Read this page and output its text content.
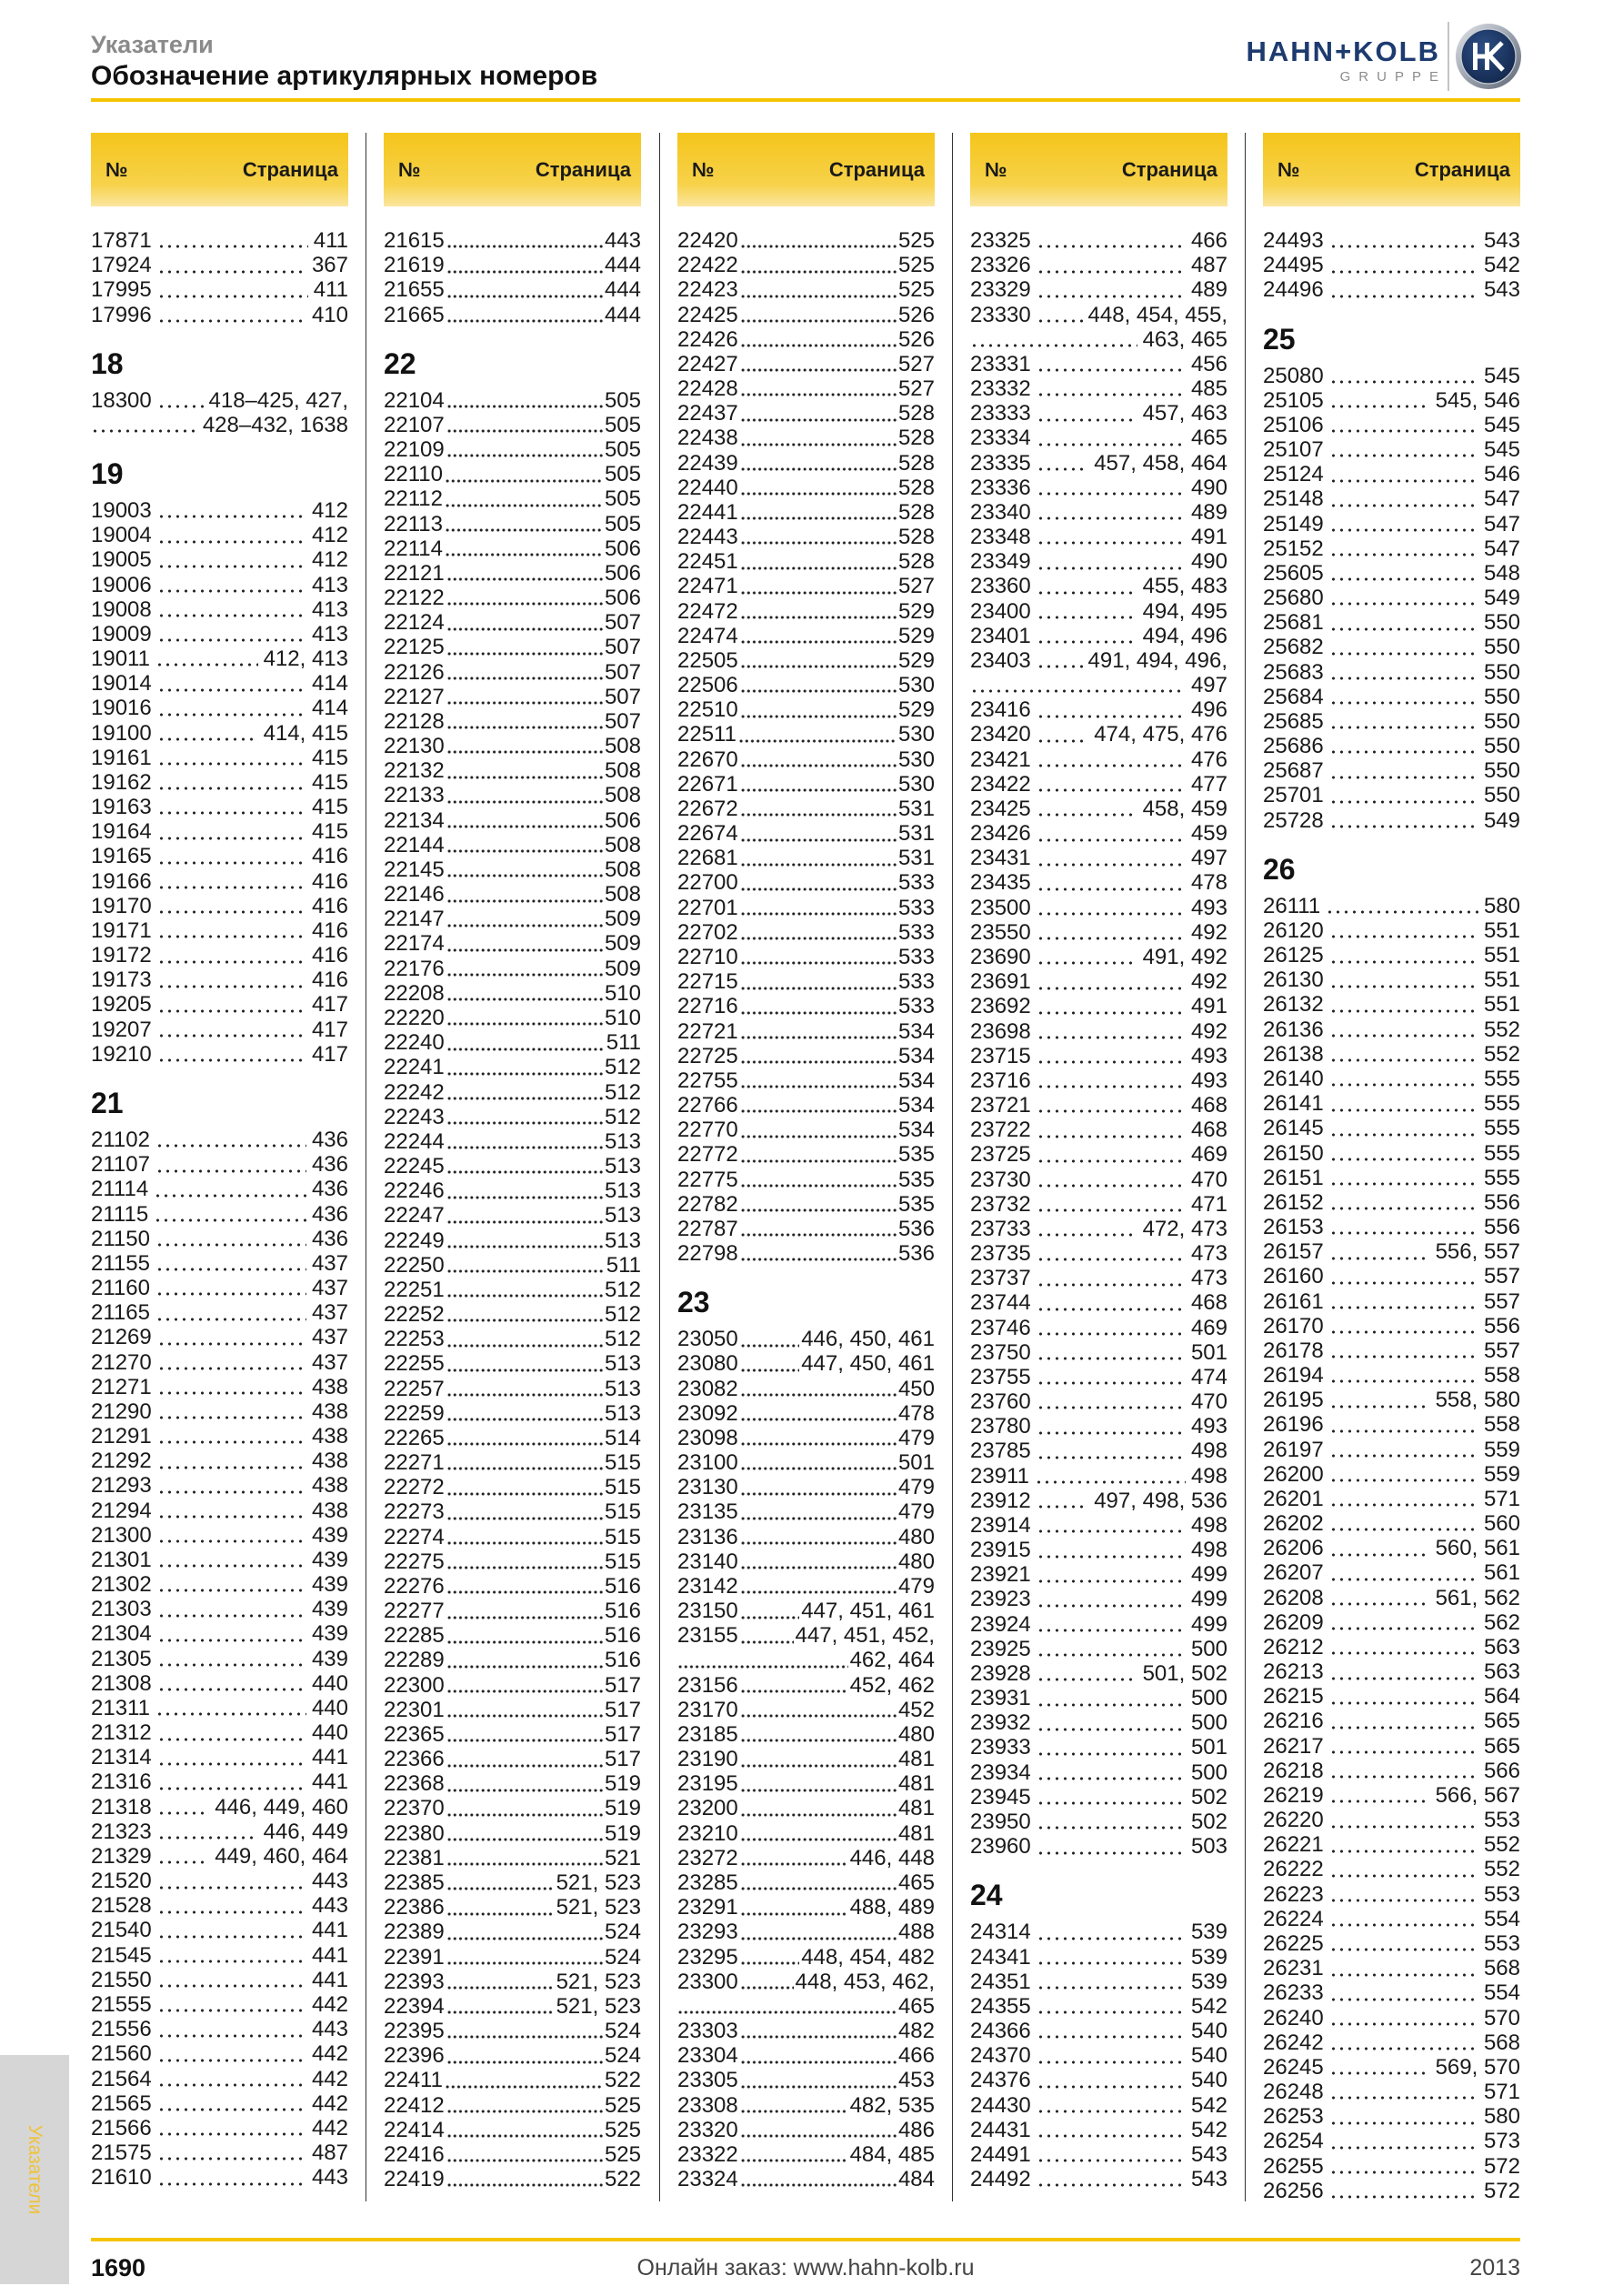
Указатели
Обозначение артикулярных номеров
HAHN+KOLB
GRUPPE
№	Страница
17871	411
17924	367
17995	411
17996	410
18
18300	418–425, 427,
428–432, 1638
19
19003	412
19004	412
19005	412
19006	413
19008	413
19009	413
19011	412, 413
19014	414
19016	414
19100	414, 415
19161	415
19162	415
19163	415
19164	415
19165	416
19166	416
19170	416
19171	416
19172	416
19173	416
19205	417
19207	417
19210	417
21
21102	436
21107	436
21114	436
21115	436
21150	436
21155	437
21160	437
21165	437
21269	437
21270	437
21271	438
21290	438
21291	438
21292	438
21293	438
21294	438
21300	439
21301	439
21302	439
21303	439
21304	439
21305	439
21308	440
21311	440
21312	440
21314	441
21316	441
21318	446, 449, 460
21323	446, 449
21329	449, 460, 464
21520	443
21528	443
21540	441
21545	441
21550	441
21555	442
21556	443
21560	442
21564	442
21565	442
21566	442
21575	487
21610	443
№	Страница
21615	443
21619	444
21655	444
21665	444
22
22104	505
22107	505
22109	505
22110	505
22112	505
22113	505
22114	506
22121	506
22122	506
22124	507
22125	507
22126	507
22127	507
22128	507
22130	508
22132	508
22133	508
22134	506
22144	508
22145	508
22146	508
22147	509
22174	509
22176	509
22208	510
22220	510
22240	511
22241	512
22242	512
22243	512
22244	513
22245	513
22246	513
22247	513
22249	513
22250	511
22251	512
22252	512
22253	512
22255	513
22257	513
22259	513
22265	514
22271	515
22272	515
22273	515
22274	515
22275	515
22276	516
22277	516
22285	516
22289	516
22300	517
22301	517
22365	517
22366	517
22368	519
22370	519
22380	519
22381	521
22385	521, 523
22386	521, 523
22389	524
22391	524
22393	521, 523
22394	521, 523
22395	524
22396	524
22411	522
22412	525
22414	525
22416	525
22419	522
№	Страница
22420	525
22422	525
22423	525
22425	526
22426	526
22427	527
22428	527
22437	528
22438	528
22439	528
22440	528
22441	528
22443	528
22451	528
22471	527
22472	529
22474	529
22505	529
22506	530
22510	529
22511	530
22670	530
22671	530
22672	531
22674	531
22681	531
22700	533
22701	533
22702	533
22710	533
22715	533
22716	533
22721	534
22725	534
22755	534
22766	534
22770	534
22772	535
22775	535
22782	535
22787	536
22798	536
23
23050	446, 450, 461
23080	447, 450, 461
23082	450
23092	478
23098	479
23100	501
23130	479
23135	479
23136	480
23140	480
23142	479
23150	447, 451, 461
23155	447, 451, 452,
462, 464
23156	452, 462
23170	452
23185	480
23190	481
23195	481
23200	481
23210	481
23272	446, 448
23285	465
23291	488, 489
23293	488
23295	448, 454, 482
23300	448, 453, 462,
465
23303	482
23304	466
23305	453
23308	482, 535
23320	486
23322	484, 485
23324	484
№	Страница
23325	466
23326	487
23329	489
23330	448, 454, 455,
463, 465
23331	456
23332	485
23333	457, 463
23334	465
23335	457, 458, 464
23336	490
23340	489
23348	491
23349	490
23360	455, 483
23400	494, 495
23401	494, 496
23403	491, 494, 496,
497
23416	496
23420	474, 475, 476
23421	476
23422	477
23425	458, 459
23426	459
23431	497
23435	478
23500	493
23550	492
23690	491, 492
23691	492
23692	491
23698	492
23715	493
23716	493
23721	468
23722	468
23725	469
23730	470
23732	471
23733	472, 473
23735	473
23737	473
23744	468
23746	469
23750	501
23755	474
23760	470
23780	493
23785	498
23911	498
23912	497, 498, 536
23914	498
23915	498
23921	499
23923	499
23924	499
23925	500
23928	501, 502
23931	500
23932	500
23933	501
23934	500
23945	502
23950	502
23960	503
24
24314	539
24341	539
24351	539
24355	542
24366	540
24370	540
24376	540
24430	542
24431	542
24491	543
24492	543
№	Страница
24493	543
24495	542
24496	543
25
25080	545
25105	545, 546
25106	545
25107	545
25124	546
25148	547
25149	547
25152	547
25605	548
25680	549
25681	550
25682	550
25683	550
25684	550
25685	550
25686	550
25687	550
25701	550
25728	549
26
26111	580
26120	551
26125	551
26130	551
26132	551
26136	552
26138	552
26140	555
26141	555
26145	555
26150	555
26151	555
26152	556
26153	556
26157	556, 557
26160	557
26161	557
26170	556
26178	557
26194	558
26195	558, 580
26196	558
26197	559
26200	559
26201	571
26202	560
26206	560, 561
26207	561
26208	561, 562
26209	562
26212	563
26213	563
26215	564
26216	565
26217	565
26218	566
26219	566, 567
26220	553
26221	552
26222	552
26223	553
26224	554
26225	553
26231	568
26233	554
26240	570
26242	568
26245	569, 570
26248	571
26253	580
26254	573
26255	572
26256	572
1690	Онлайн заказ: www.hahn-kolb.ru	2013
Указатели
